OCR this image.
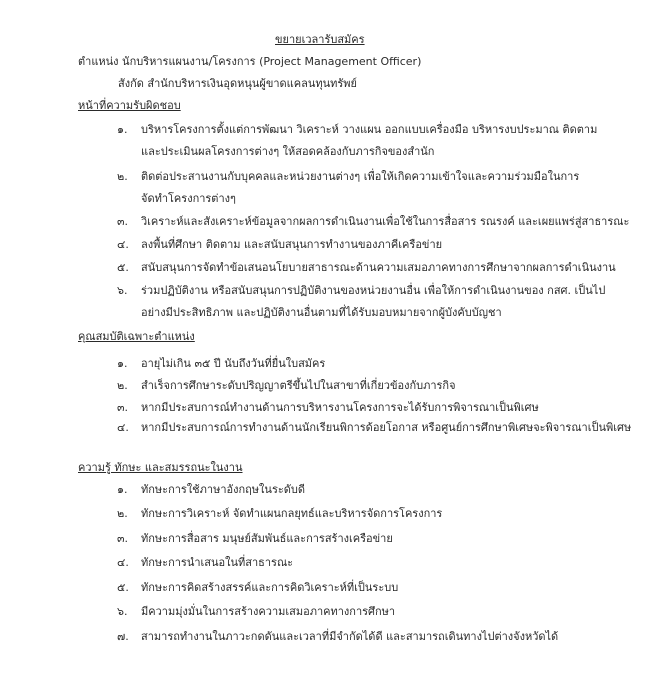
ขยายเวลารับสมัคร
ตำแหน่ง นักบริหารแผนงาน/โครงการ (Project Management Officer)
สังกัด สำนักบริหารเงินอุดหนุนผู้ขาดแคลนทุนทรัพย์
หน้าที่ความรับผิดชอบ
๑. บริหารโครงการตั้งแต่การพัฒนา วิเคราะห์ วางแผน ออกแบบเครื่องมือ บริหารงบประมาณ ติดตาม
และประเมินผลโครงการต่างๆ ให้สอดคล้องกับภารกิจของสำนัก
๒. ติดต่อประสานงานกับบุคคลและหน่วยงานต่างๆ เพื่อให้เกิดความเข้าใจและความร่วมมือในการ
จัดทำโครงการต่างๆ
๓. วิเคราะห์และสังเคราะห์ข้อมูลจากผลการดำเนินงานเพื่อใช้ในการสื่อสาร รณรงค์ และเผยแพร่สู่สาธารณะ
๔. ลงพื้นที่ศึกษา ติดตาม และสนับสนุนการทำงานของภาคีเครือข่าย
๕. สนับสนุนการจัดทำข้อเสนอนโยบายสาธารณะด้านความเสมอภาคทางการศึกษาจากผลการดำเนินงาน
๖. ร่วมปฏิบัติงาน หรือสนับสนุนการปฏิบัติงานของหน่วยงานอื่น เพื่อให้การดำเนินงานของ กสศ. เป็นไป
อย่างมีประสิทธิภาพ และปฏิบัติงานอื่นตามที่ได้รับมอบหมายจากผู้บังคับบัญชา
คุณสมบัติเฉพาะตำแหน่ง
๑. อายุไม่เกิน ๓๕ ปี นับถึงวันที่ยื่นใบสมัคร
๒. สำเร็จการศึกษาระดับปริญญาตรีขึ้นไปในสาขาที่เกี่ยวข้องกับภารกิจ
๓. หากมีประสบการณ์ทำงานด้านการบริหารงานโครงการจะได้รับการพิจารณาเป็นพิเศษ
๔. หากมีประสบการณ์การทำงานด้านนักเรียนพิการด้อยโอกาส หรือศูนย์การศึกษาพิเศษจะพิจารณาเป็นพิเศษ
ความรู้ ทักษะ และสมรรถนะในงาน
๑. ทักษะการใช้ภาษาอังกฤษในระดับดี
๒. ทักษะการวิเคราะห์ จัดทำแผนกลยุทธ์และบริหารจัดการโครงการ
๓. ทักษะการสื่อสาร มนุษย์สัมพันธ์และการสร้างเครือข่าย
๔. ทักษะการนำเสนอในที่สาธารณะ
๕. ทักษะการคิดสร้างสรรค์และการคิดวิเคราะห์ที่เป็นระบบ
๖. มีความมุ่งมั่นในการสร้างความเสมอภาคทางการศึกษา
๗. สามารถทำงานในภาวะกดดันและเวลาที่มีจำกัดได้ดี และสามารถเดินทางไปต่างจังหวัดได้
